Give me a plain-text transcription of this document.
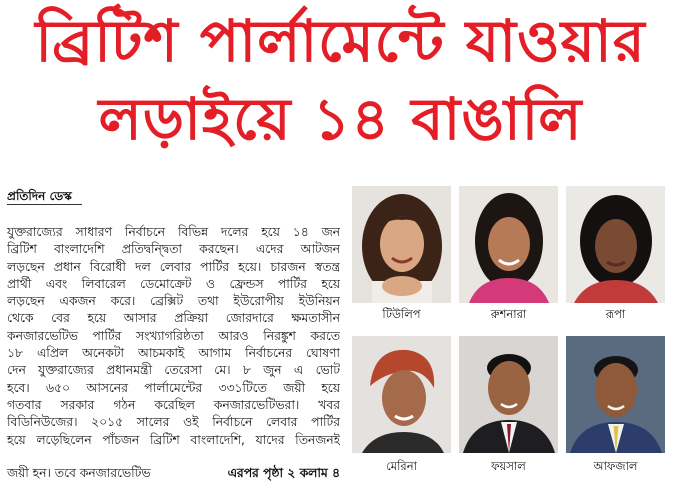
ব্রিটিশ পার্লামেন্টে যাওয়ার
লড়াইয়ে ১৪ বাঙালি
প্রতিদিন ডেস্ক
যুক্তরাজ্যের সাধারণ নির্বাচনে বিভিন্ন দলের হয়ে ১৪ জন
ব্রিটিশ বাংলাদেশি প্রতিদ্বন্দ্বিতা করছেন। এদের আটজন
লড়ছেন প্রধান বিরোধী দল লেবার পার্টির হয়ে। চারজন স্বতন্ত্র
প্রার্থী এবং লিবারেল ডেমোক্রেট ও ফ্রেন্ডস পার্টির হয়ে
লড়ছেন একজন করে। ব্রেক্সিট তথা ইউরোপীয় ইউনিয়ন
থেকে বের হয়ে আসার প্রক্রিয়া জোরদারে ক্ষমতাসীন
কনজারভেটিভ পার্টির সংখ্যাগরিষ্ঠতা আরও নিরঙ্কুশ করতে
১৮ এপ্রিল অনেকটা আচমকাই আগাম নির্বাচনের ঘোষণা
দেন যুক্তরাজ্যের প্রধানমন্ত্রী তেরেসা মে। ৮ জুন এ ভোট
হবে। ৬৫০ আসনের পার্লামেন্টের ৩৩১টিতে জয়ী হয়ে
গতবার সরকার গঠন করেছিল কনজারভেটিভরা। খবর
বিডিনিউজের। ২০১৫ সালের ওই নির্বাচনে লেবার পার্টির
হয়ে লড়েছিলেন পাঁচজন ব্রিটিশ বাংলাদেশি, যাদের তিনজনই
জয়ী হন। তবে কনজারভেটিভ	এরপর পৃষ্ঠা ২ কলাম ৪
টিউলিপ	রুশনারা	রূপা
মেরিনা	ফয়সাল	আফজাল
